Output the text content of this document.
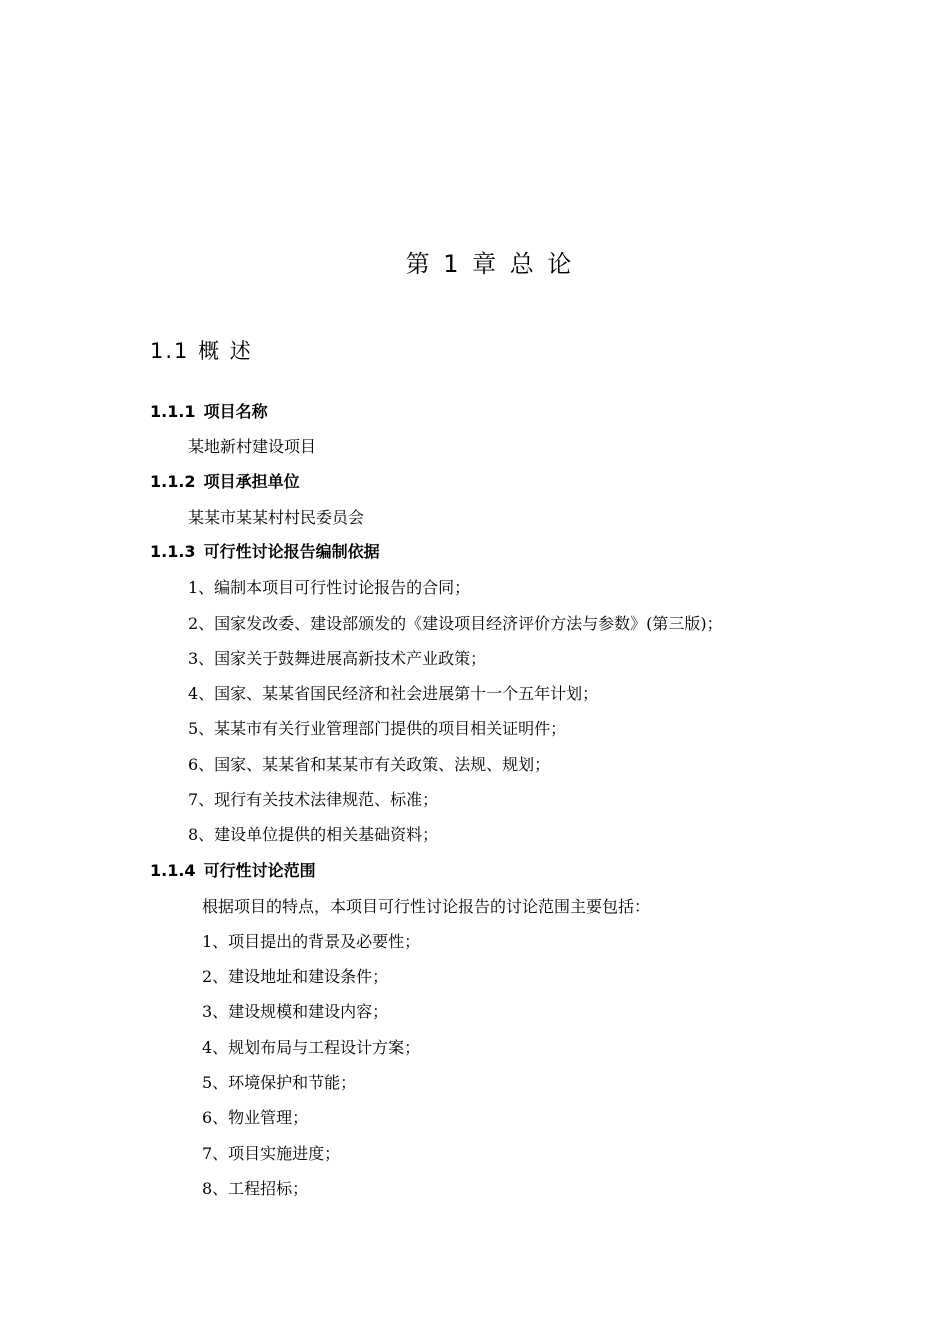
第 1 章 总 论
1.1 概 述
1.1.1 项目名称
某地新村建设项目
1.1.2 项目承担单位
某某市某某村村民委员会
1.1.3 可行性讨论报告编制依据
1、编制本项目可行性讨论报告的合同；
2、国家发改委、建设部颁发的《建设项目经济评价方法与参数》(第三版)；
3、国家关于鼓舞进展高新技术产业政策；
4、国家、某某省国民经济和社会进展第十一个五年计划；
5、某某市有关行业管理部门提供的项目相关证明件；
6、国家、某某省和某某市有关政策、法规、规划；
7、现行有关技术法律规范、标准；
8、建设单位提供的相关基础资料；
1.1.4 可行性讨论范围
根据项目的特点，本项目可行性讨论报告的讨论范围主要包括：
1、项目提出的背景及必要性；
2、建设地址和建设条件；
3、建设规模和建设内容；
4、规划布局与工程设计方案；
5、环境保护和节能；
6、物业管理；
7、项目实施进度；
8、工程招标；
